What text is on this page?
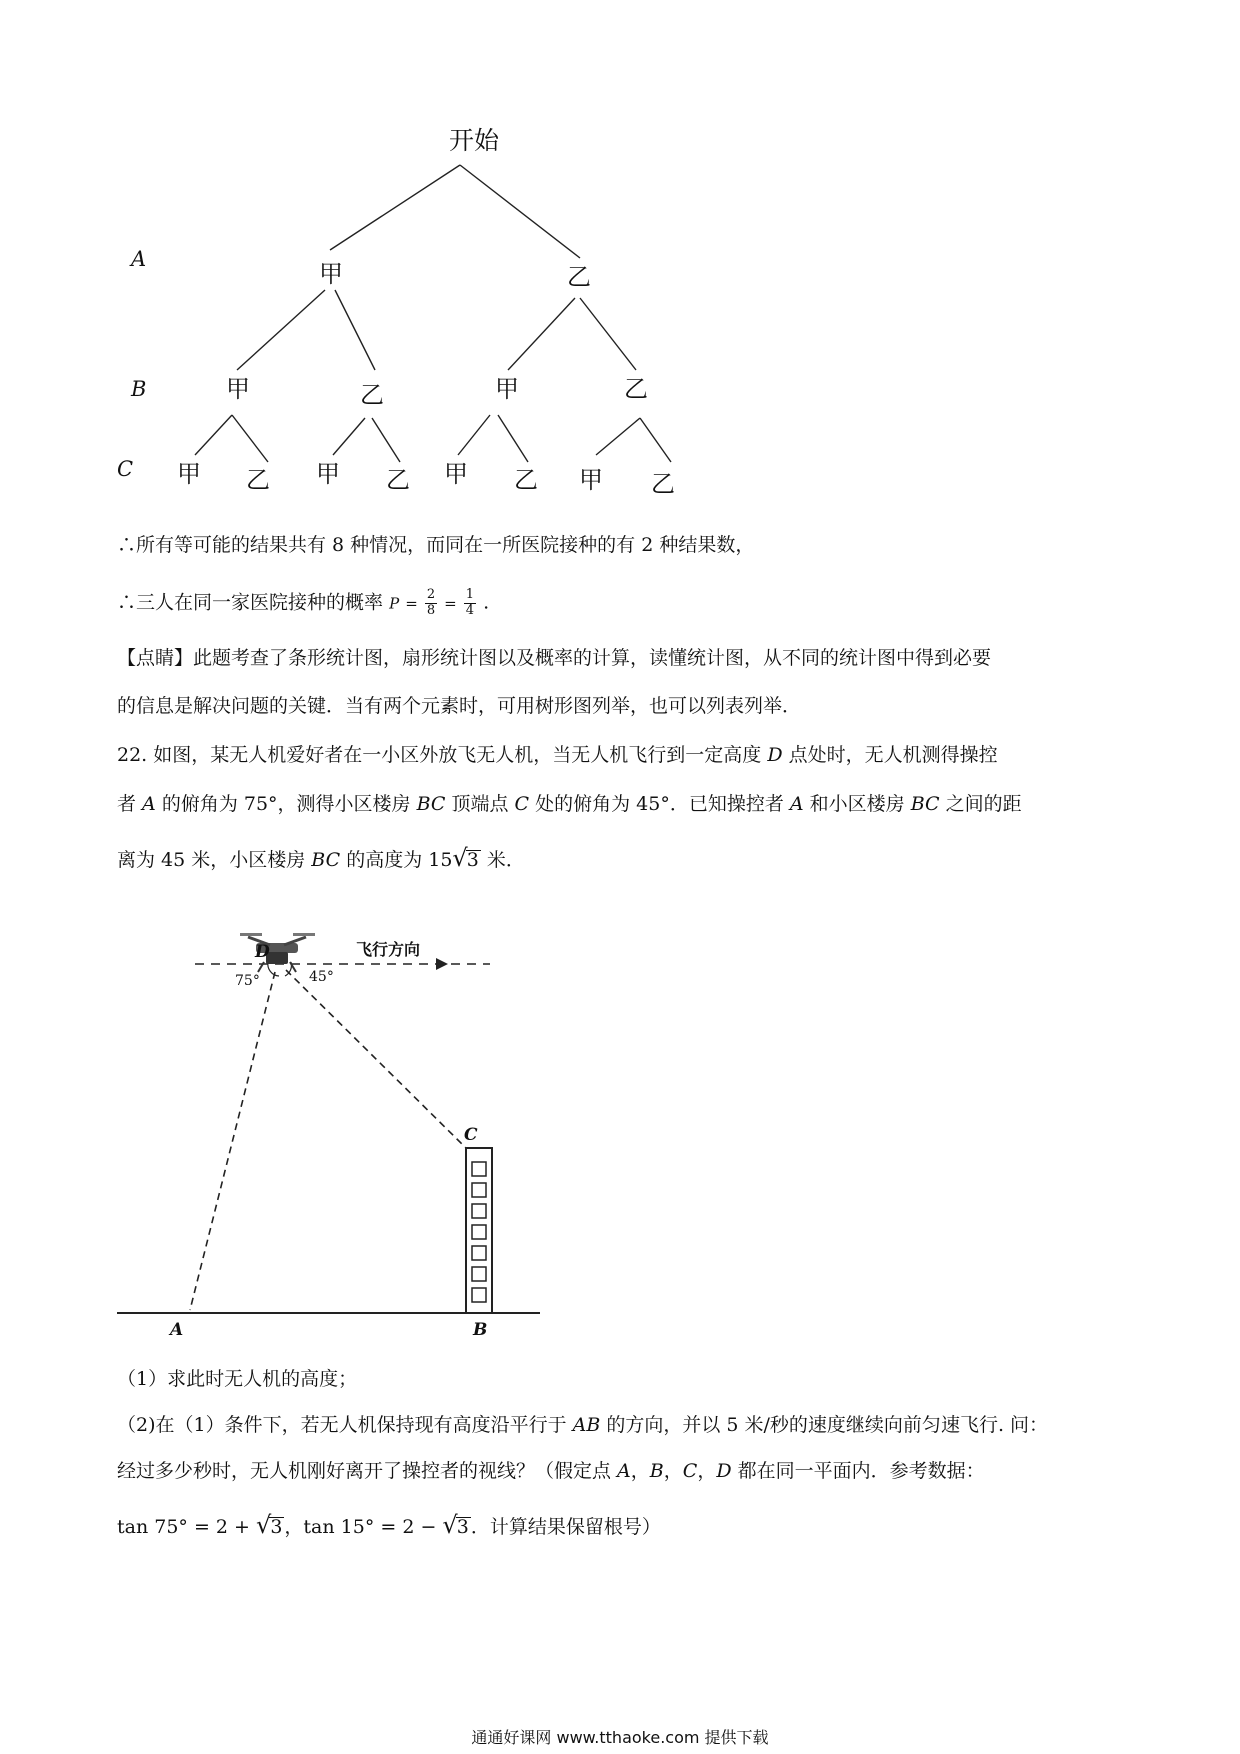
开始
A
B
C
甲	乙
甲	乙	甲	乙
甲 乙 甲 乙 甲 乙 甲 乙
∴所有等可能的结果共有 8 种情况，而同在一所医院接种的有 2 种结果数，
∴三人在同一家医院接种的概率 $P = \frac{2}{8} = \frac{1}{4}$ .
【点睛】此题考查了条形统计图，扇形统计图以及概率的计算，读懂统计图，从不同的统计图中得到必要
的信息是解决问题的关键．当有两个元素时，可用树形图列举，也可以列表列举．
22. 如图，某无人机爱好者在一小区外放飞无人机，当无人机飞行到一定高度 D 点处时，无人机测得操控
者 A 的俯角为 75°，测得小区楼房 BC 顶端点 C 处的俯角为 45°．已知操控者 A 和小区楼房 BC 之间的距
离为 45 米，小区楼房 BC 的高度为 15√3 米．
D
C
A	B
75°	45°
飞行方向
（1）求此时无人机的高度；
（2)在（1）条件下，若无人机保持现有高度沿平行于 AB 的方向，并以 5 米/秒的速度继续向前匀速飞行. 问：
经过多少秒时，无人机刚好离开了操控者的视线？（假定点 A，B，C，D 都在同一平面内．参考数据：
tan 75° = 2 + √3 ，tan 15° = 2 − √3 ．计算结果保留根号）
通通好课网 www.tthaoke.com 提供下载
